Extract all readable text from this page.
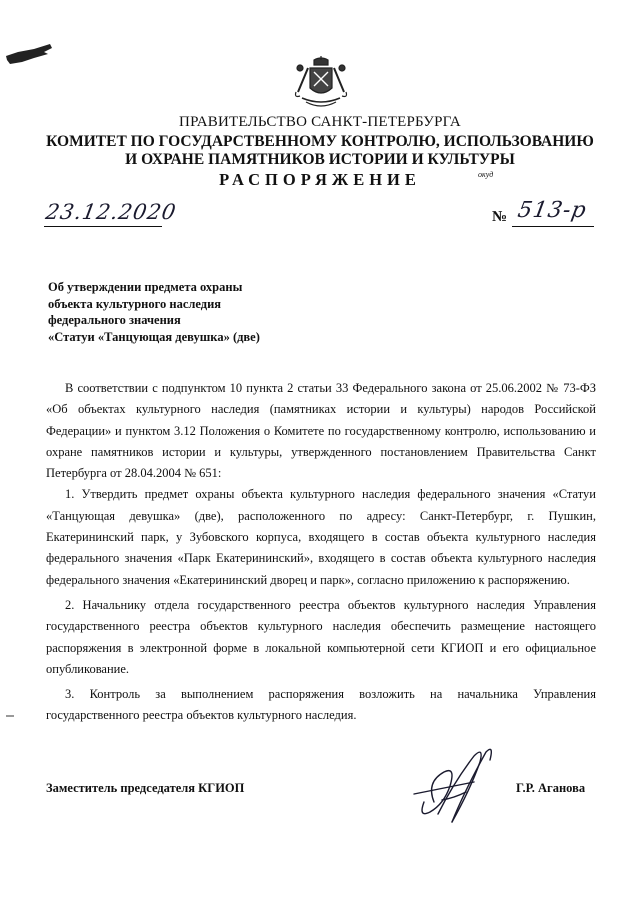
ПРАВИТЕЛЬСТВО САНКТ-ПЕТЕРБУРГА
КОМИТЕТ ПО ГОСУДАРСТВЕННОМУ КОНТРОЛЮ, ИСПОЛЬЗОВАНИЮ
И ОХРАНЕ ПАМЯТНИКОВ ИСТОРИИ И КУЛЬТУРЫ
РАСПОРЯЖЕНИЕ	окуд
23.12.2020	№ 513-р
Об утверждении предмета охраны
объекта культурного наследия
федерального значения
«Статуи «Танцующая девушка» (две)

В соответствии с подпунктом 10 пункта 2 статьи 33 Федерального закона от 25.06.2002 № 73-ФЗ «Об объектах культурного наследия (памятниках истории и культуры) народов Российской Федерации» и пунктом 3.12 Положения о Комитете по государственному контролю, использованию и охране памятников истории и культуры, утвержденного постановлением Правительства Санкт Петербурга от 28.04.2004 № 651:

1. Утвердить предмет охраны объекта культурного наследия федерального значения «Статуи «Танцующая девушка» (две), расположенного по адресу: Санкт-Петербург, г. Пушкин, Екатерининский парк, у Зубовского корпуса, входящего в состав объекта культурного наследия федерального значения «Парк Екатерининский», входящего в состав объекта культурного наследия федерального значения «Екатерининский дворец и парк», согласно приложению к распоряжению.

2. Начальнику отдела государственного реестра объектов культурного наследия Управления государственного реестра объектов культурного наследия обеспечить размещение настоящего распоряжения в электронной форме в локальной компьютерной сети КГИОП и его официальное опубликование.

3. Контроль за выполнением распоряжения возложить на начальника Управления государственного реестра объектов культурного наследия.

Заместитель председателя КГИОП	Г.Р. Аганова
